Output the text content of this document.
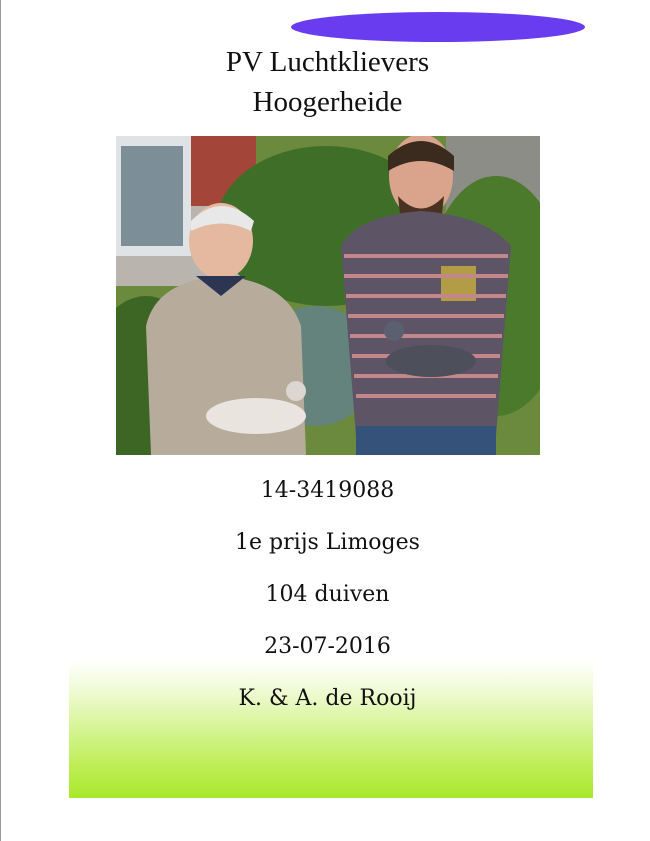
PV Luchtklievers
Hoogerheide
14-3419088
1e prijs Limoges
104 duiven
23-07-2016
K. & A. de Rooij
